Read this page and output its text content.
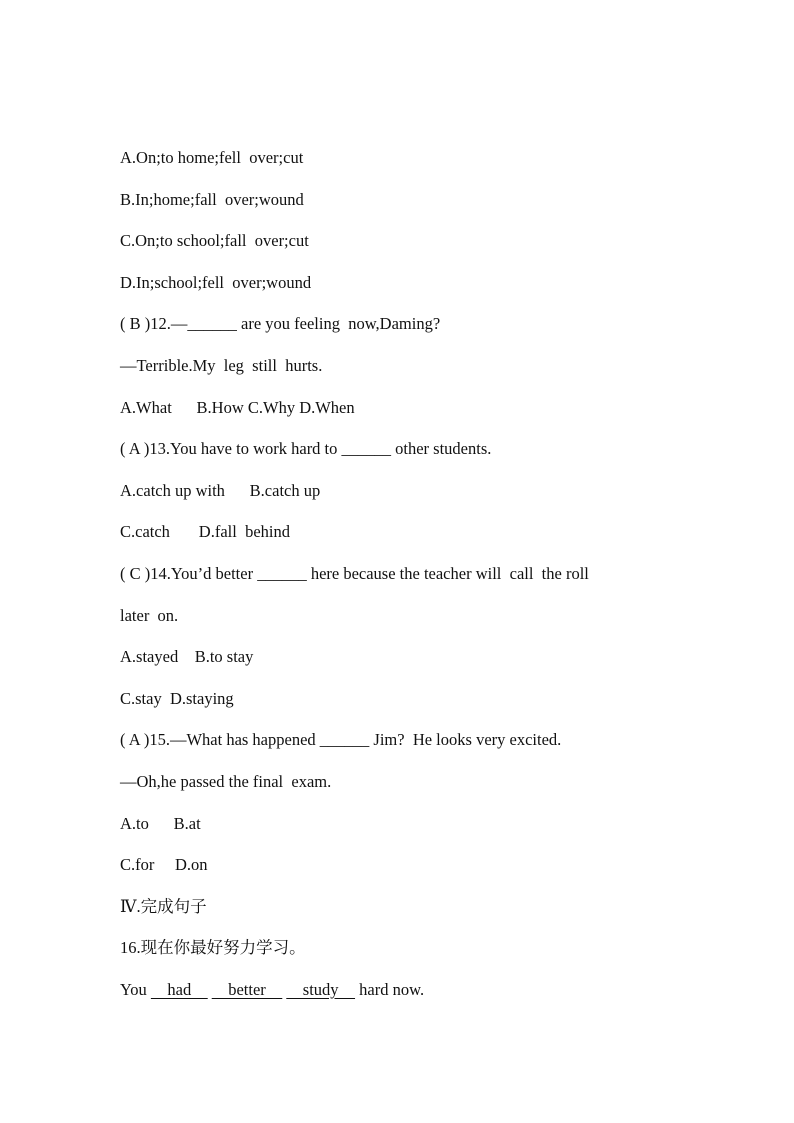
A.On;to home;fell  over;cut
B.In;home;fall  over;wound
C.On;to school;fall  over;cut
D.In;school;fell  over;wound
( B )12.—______ are you feeling  now,Daming?
—Terrible.My  leg  still  hurts.
A.What      B.How C.Why D.When
( A )13.You have to work hard to ______ other students.
A.catch up with      B.catch up
C.catch       D.fall  behind
( C )14.You’d better ______ here because the teacher will  call  the roll
later  on.
A.stayed    B.to stay
C.stay  D.staying
( A )15.—What has happened ______ Jim?  He looks very excited.
—Oh,he passed the final  exam.
A.to      B.at
C.for     D.on
Ⅳ.完成句子
16.现在你最好努力学习。
You     had        better        study     hard now.
